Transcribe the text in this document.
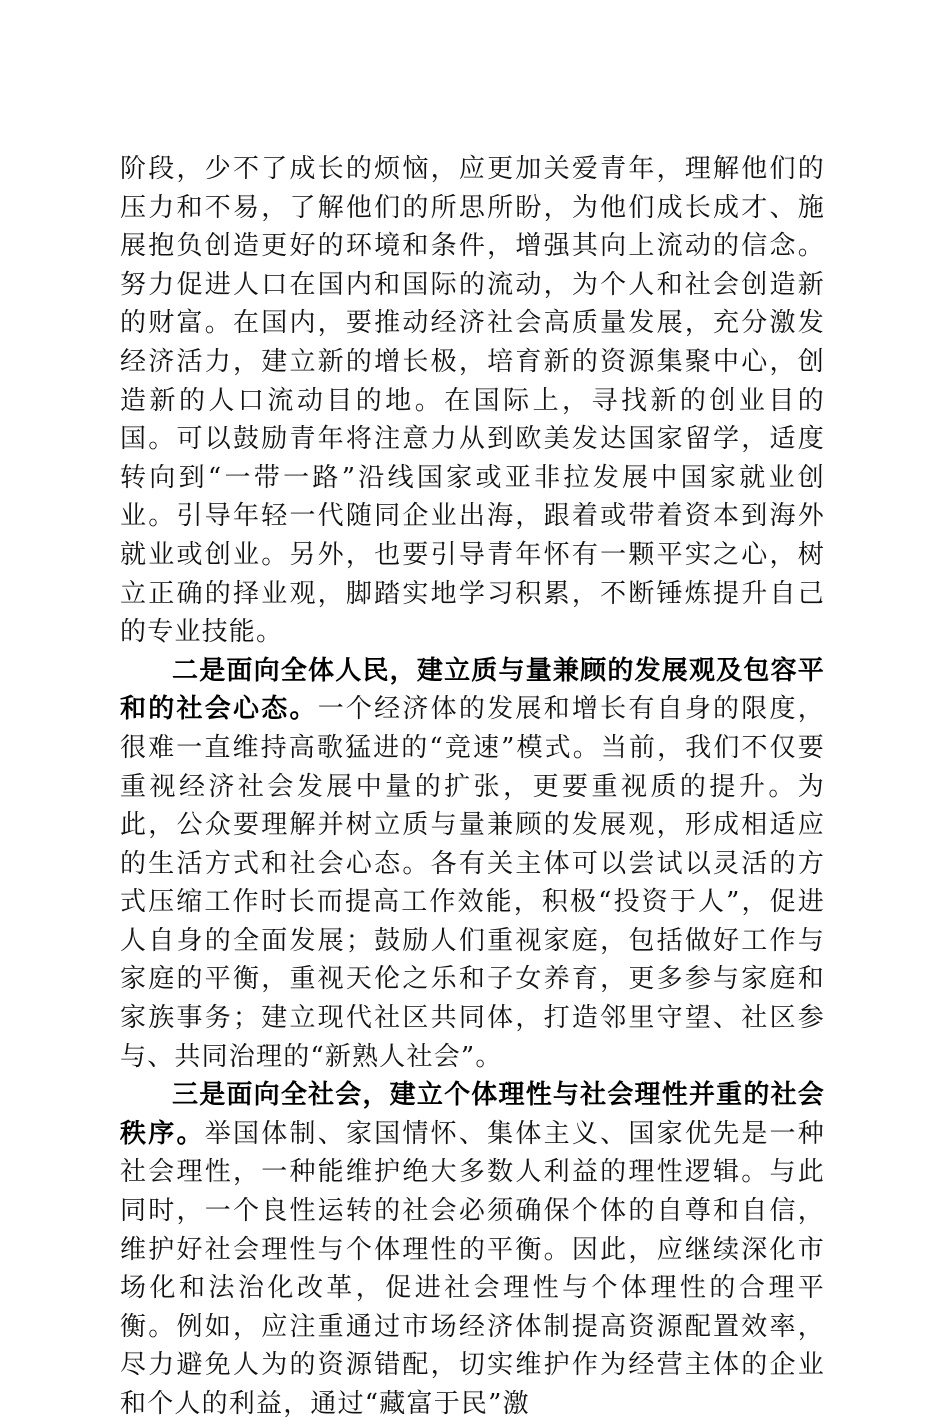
阶段，少不了成长的烦恼，应更加关爱青年，理解他们的压力和不易，了解他们的所思所盼，为他们成长成才、施展抱负创造更好的环境和条件，增强其向上流动的信念。努力促进人口在国内和国际的流动，为个人和社会创造新的财富。在国内，要推动经济社会高质量发展，充分激发经济活力，建立新的增长极，培育新的资源集聚中心，创造新的人口流动目的地。在国际上，寻找新的创业目的国。可以鼓励青年将注意力从到欧美发达国家留学，适度转向到“一带一路”沿线国家或亚非拉发展中国家就业创业。引导年轻一代随同企业出海，跟着或带着资本到海外就业或创业。另外，也要引导青年怀有一颗平实之心，树立正确的择业观，脚踏实地学习积累，不断锤炼提升自己的专业技能。

二是面向全体人民，建立质与量兼顾的发展观及包容平和的社会心态。一个经济体的发展和增长有自身的限度，很难一直维持高歌猛进的“竞速”模式。当前，我们不仅要重视经济社会发展中量的扩张，更要重视质的提升。为此，公众要理解并树立质与量兼顾的发展观，形成相适应的生活方式和社会心态。各有关主体可以尝试以灵活的方式压缩工作时长而提高工作效能，积极“投资于人”，促进人自身的全面发展；鼓励人们重视家庭，包括做好工作与家庭的平衡，重视天伦之乐和子女养育，更多参与家庭和家族事务；建立现代社区共同体，打造邻里守望、社区参与、共同治理的“新熟人社会”。

三是面向全社会，建立个体理性与社会理性并重的社会秩序。举国体制、家国情怀、集体主义、国家优先是一种社会理性，一种能维护绝大多数人利益的理性逻辑。与此同时，一个良性运转的社会必须确保个体的自尊和自信，维护好社会理性与个体理性的平衡。因此，应继续深化市场化和法治化改革，促进社会理性与个体理性的合理平衡。例如，应注重通过市场经济体制提高资源配置效率，尽力避免人为的资源错配，切实维护作为经营主体的企业和个人的利益，通过“藏富于民”激
